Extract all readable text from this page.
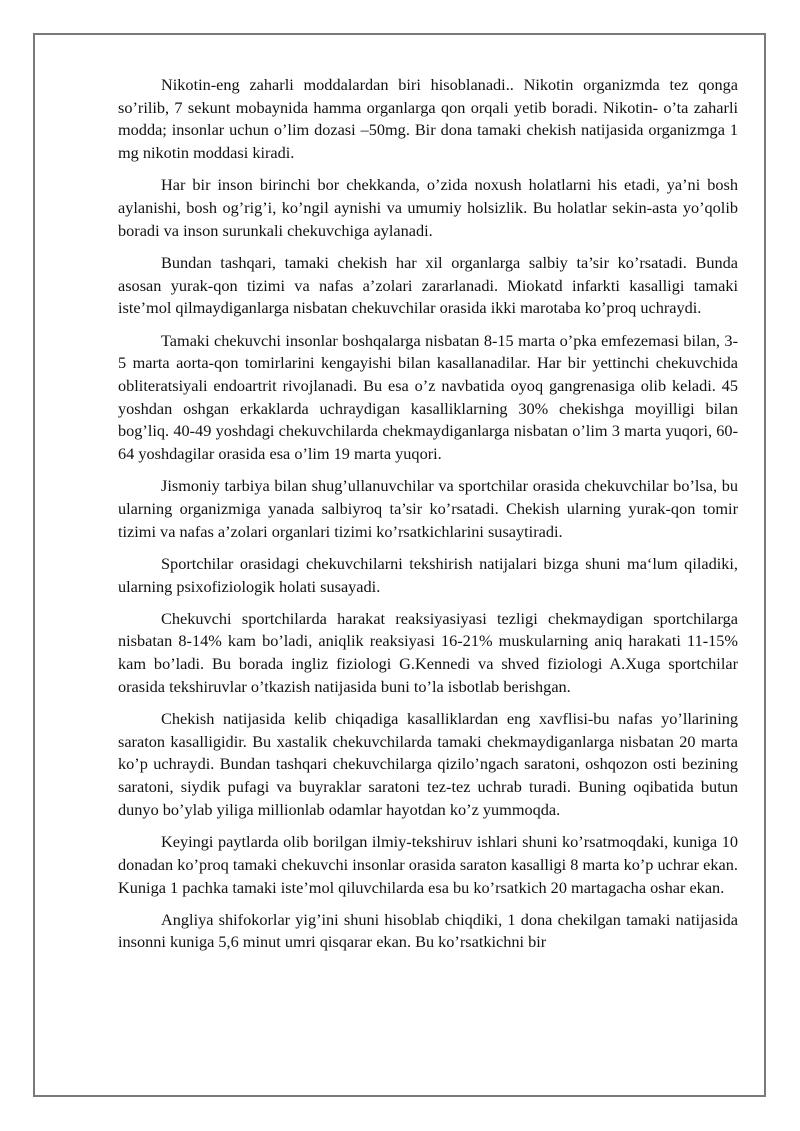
Nikotin-eng zaharli moddalardan biri hisoblanadi.. Nikotin organizmda tez qonga so’rilib, 7 sekunt mobaynida hamma organlarga qon orqali yetib boradi. Nikotin- o’ta zaharli modda; insonlar uchun o’lim dozasi –50mg. Bir dona tamaki chekish natijasida organizmga 1 mg nikotin moddasi kiradi.

Har bir inson birinchi bor chekkanda, o’zida noxush holatlarni his etadi, ya’ni bosh aylanishi, bosh og’rig’i, ko’ngil aynishi va umumiy holsizlik. Bu holatlar sekin-asta yo’qolib boradi va inson surunkali chekuvchiga aylanadi.

Bundan tashqari, tamaki chekish har xil organlarga salbiy ta’sir ko’rsatadi. Bunda asosan yurak-qon tizimi va nafas a’zolari zararlanadi. Miokatd infarkti kasalligi tamaki iste’mol qilmaydiganlarga nisbatan chekuvchilar orasida ikki marotaba ko’proq uchraydi.

Tamaki chekuvchi insonlar boshqalarga nisbatan 8-15 marta o’pka emfezemasi bilan, 3-5 marta aorta-qon tomirlarini kengayishi bilan kasallanadilar. Har bir yettinchi chekuvchida obliteratsiyali endoartrit rivojlanadi. Bu esa o’z navbatida oyoq gangrenasiga olib keladi. 45 yoshdan oshgan erkaklarda uchraydigan kasalliklarning 30% chekishga moyilligi bilan bog’liq. 40-49 yoshdagi chekuvchilarda chekmaydiganlarga nisbatan o’lim 3 marta yuqori, 60-64 yoshdagilar orasida esa o’lim 19 marta yuqori.

Jismoniy tarbiya bilan shug’ullanuvchilar va sportchilar orasida chekuvchilar bo’lsa, bu ularning organizmiga yanada salbiyroq ta’sir ko’rsatadi. Chekish ularning yurak-qon tomir tizimi va nafas a’zolari organlari tizimi ko’rsatkichlarini susaytiradi.

Sportchilar orasidagi chekuvchilarni tekshirish natijalari bizga shuni ma‘lum qiladiki, ularning psixofiziologik holati susayadi.

Chekuvchi sportchilarda harakat reaksiyasiyasi tezligi chekmaydigan sportchilarga nisbatan 8-14% kam bo’ladi, aniqlik reaksiyasi 16-21% muskularning aniq harakati 11-15% kam bo’ladi. Bu borada ingliz fiziologi G.Kennedi va shved fiziologi A.Xuga sportchilar orasida tekshiruvlar o’tkazish natijasida buni to’la isbotlab berishgan.

Chekish natijasida kelib chiqadiga kasalliklardan eng xavflisi-bu nafas yo’llarining saraton kasalligidir. Bu xastalik chekuvchilarda tamaki chekmaydiganlarga nisbatan 20 marta ko’p uchraydi. Bundan tashqari chekuvchilarga qizilo’ngach saratoni, oshqozon osti bezining saratoni, siydik pufagi va buyraklar saratoni tez-tez uchrab turadi. Buning oqibatida butun dunyo bo’ylab yiliga millionlab odamlar hayotdan ko’z yummoqda.

Keyingi paytlarda olib borilgan ilmiy-tekshiruv ishlari shuni ko’rsatmoqdaki, kuniga 10 donadan ko’proq tamaki chekuvchi insonlar orasida saraton kasalligi 8 marta ko’p uchrar ekan. Kuniga 1 pachka tamaki iste’mol qiluvchilarda esa bu ko’rsatkich 20 martagacha oshar ekan.

Angliya shifokorlar yig’ini shuni hisoblab chiqdiki, 1 dona chekilgan tamaki natijasida insonni kuniga 5,6 minut umri qisqarar ekan. Bu ko’rsatkichni bir
